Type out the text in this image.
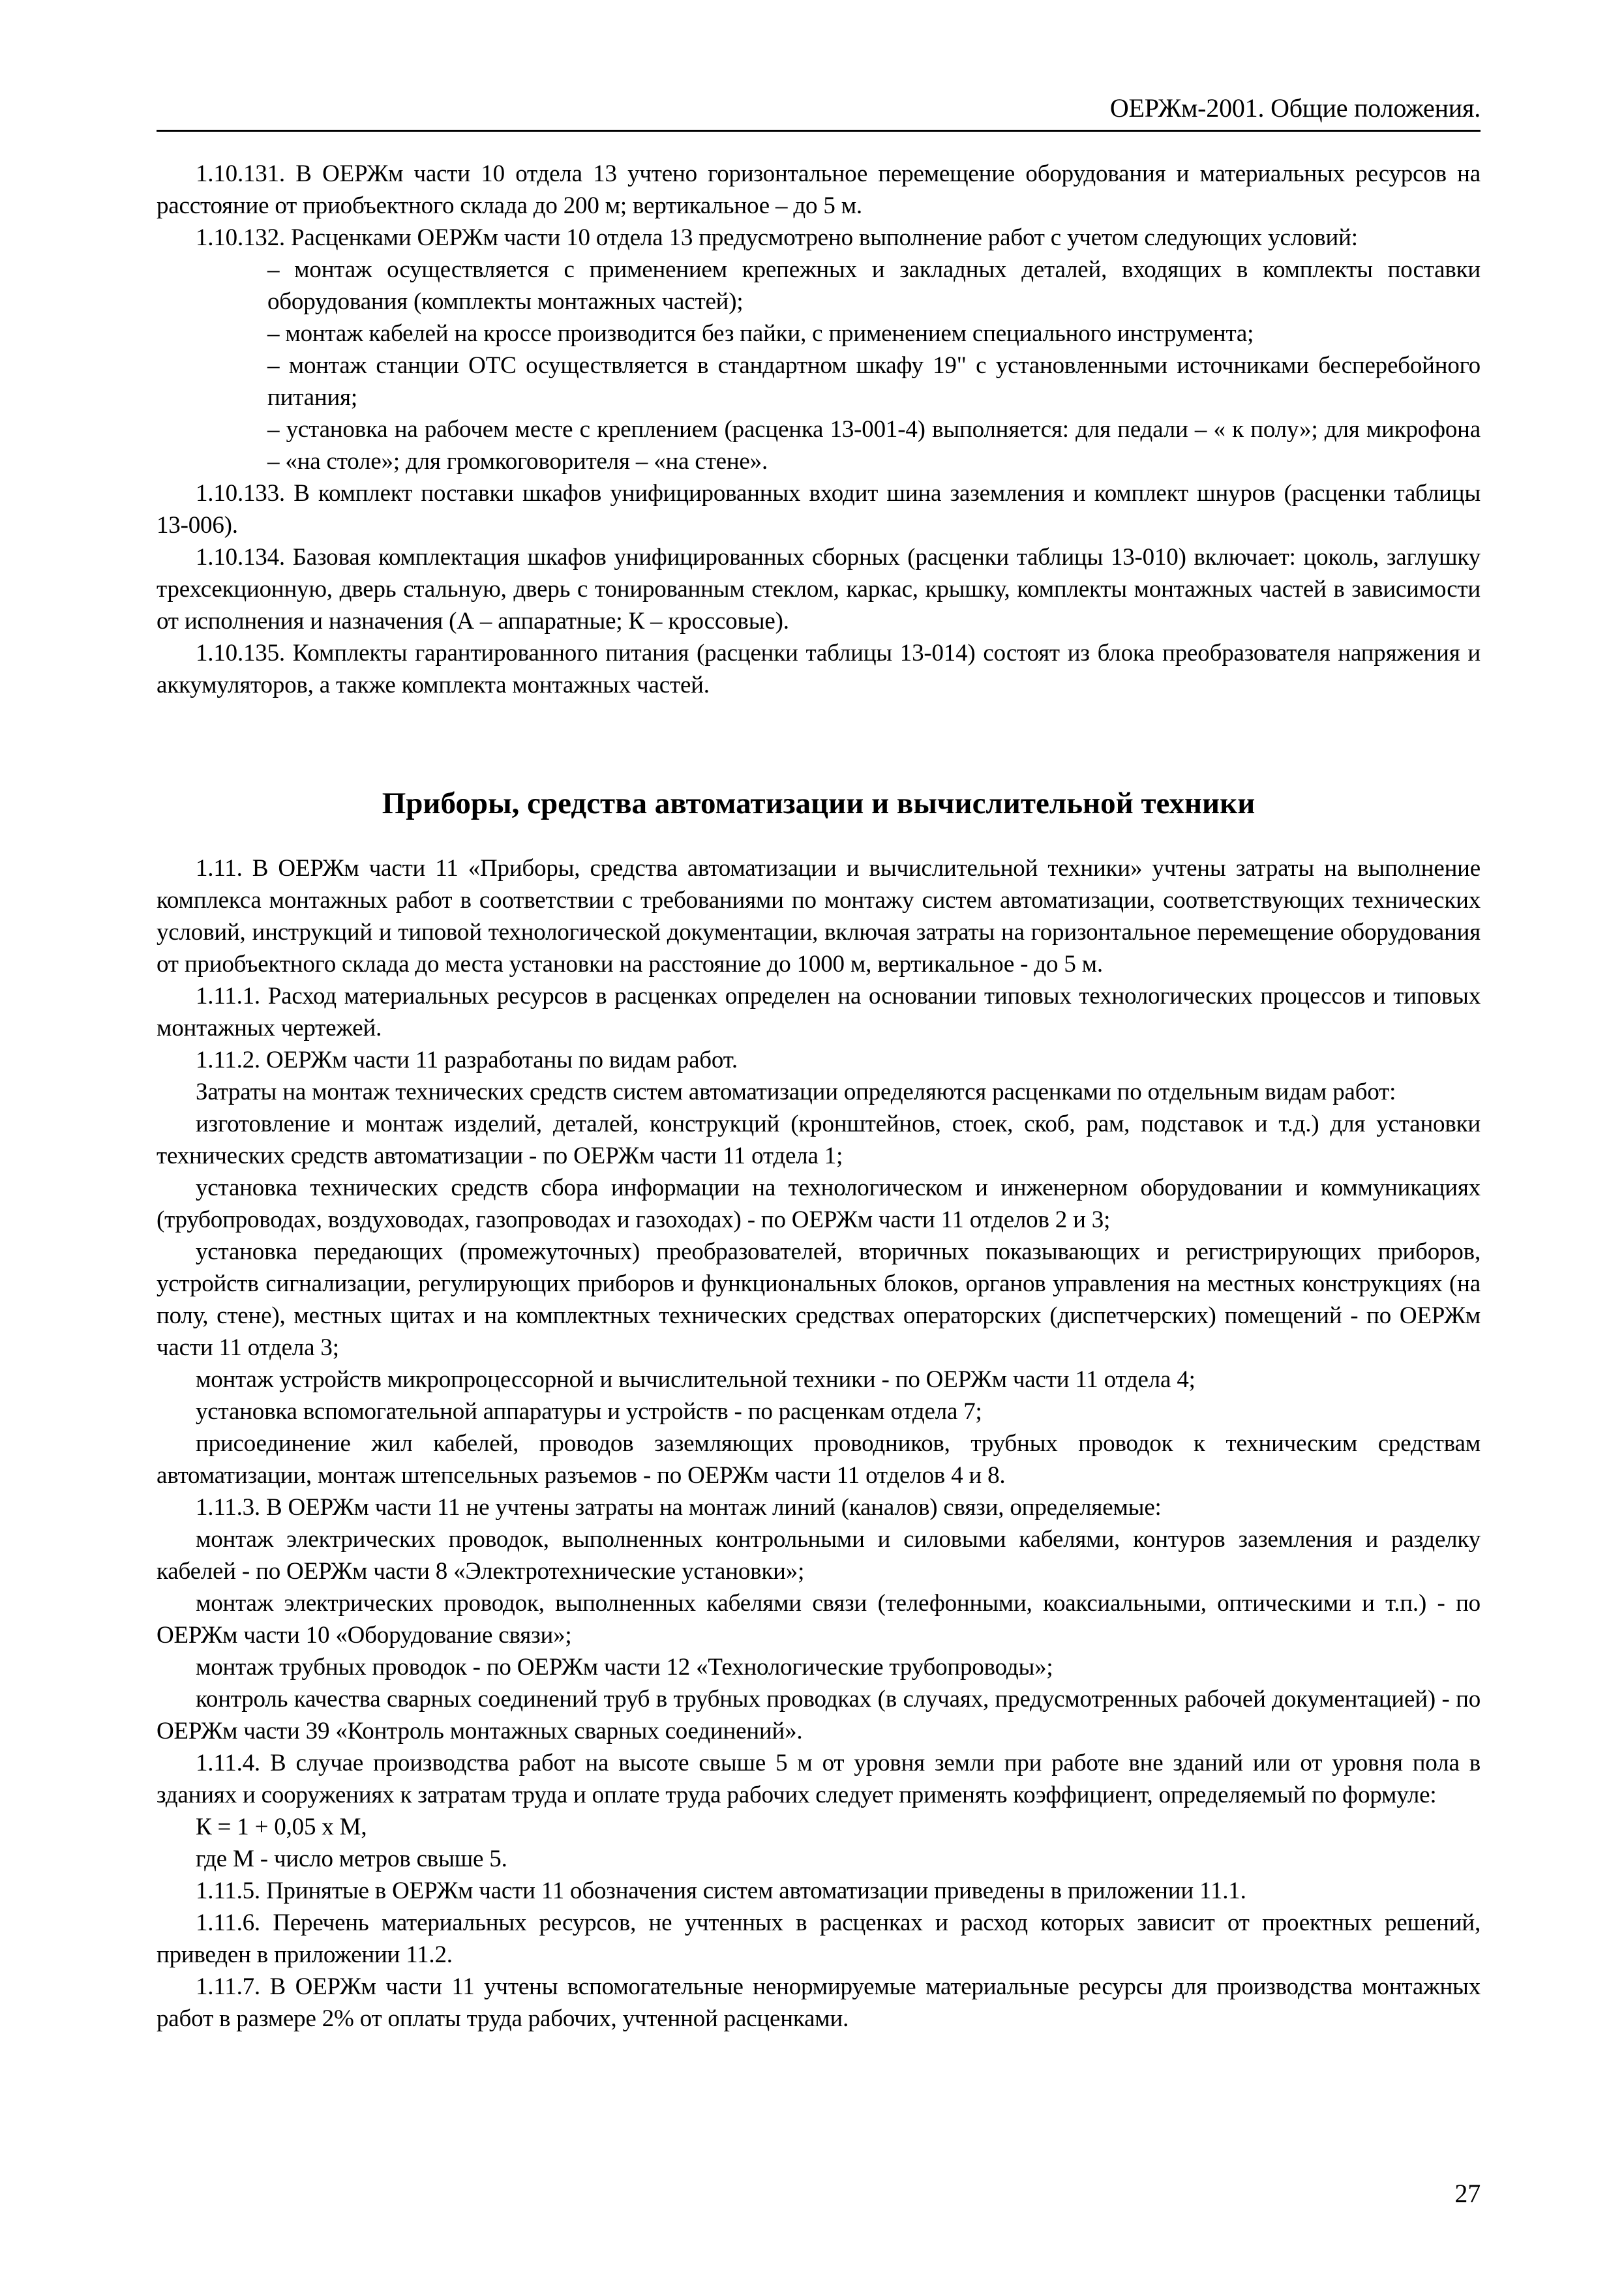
ОЕРЖм-2001. Общие положения.

1.10.131. В ОЕРЖм части 10 отдела 13 учтено горизонтальное перемещение оборудования и материальных ресурсов на расстояние от приобъектного склада до 200 м; вертикальное – до 5 м.

1.10.132. Расценками ОЕРЖм части 10 отдела 13 предусмотрено выполнение работ с учетом следующих условий:

– монтаж осуществляется с применением крепежных и закладных деталей, входящих в комплекты поставки оборудования (комплекты монтажных частей);

– монтаж кабелей на кроссе производится без пайки, с применением специального инструмента;

– монтаж станции ОТС осуществляется в стандартном шкафу 19" с установленными источниками бесперебойного питания;

– установка на рабочем месте с креплением (расценка 13-001-4) выполняется: для педали – « к полу»; для микрофона – «на столе»; для громкоговорителя – «на стене».

1.10.133. В комплект поставки шкафов унифицированных входит шина заземления и комплект шнуров (расценки таблицы 13-006).

1.10.134. Базовая комплектация шкафов унифицированных сборных (расценки таблицы 13-010) включает: цоколь, заглушку трехсекционную, дверь стальную, дверь с тонированным стеклом, каркас, крышку, комплекты монтажных частей в зависимости от исполнения и назначения (А – аппаратные; К – кроссовые).

1.10.135. Комплекты гарантированного питания (расценки таблицы 13-014) состоят из блока преобразователя напряжения и аккумуляторов, а также комплекта монтажных частей.

Приборы, средства автоматизации и вычислительной техники

1.11. В ОЕРЖм части 11 «Приборы, средства автоматизации и вычислительной техники» учтены затраты на выполнение комплекса монтажных работ в соответствии с требованиями по монтажу систем автоматизации, соответствующих технических условий, инструкций и типовой технологической документации, включая затраты на горизонтальное перемещение оборудования от приобъектного склада до места установки на расстояние до 1000 м, вертикальное - до 5 м.

1.11.1. Расход материальных ресурсов в расценках определен на основании типовых технологических процессов и типовых монтажных чертежей.

1.11.2. ОЕРЖм части 11 разработаны по видам работ.

Затраты на монтаж технических средств систем автоматизации определяются расценками по отдельным видам работ:

изготовление и монтаж изделий, деталей, конструкций (кронштейнов, стоек, скоб, рам, подставок и т.д.) для установки технических средств автоматизации - по ОЕРЖм части 11 отдела 1;

установка технических средств сбора информации на технологическом и инженерном оборудовании и коммуникациях (трубопроводах, воздуховодах, газопроводах и газоходах) - по ОЕРЖм части 11 отделов 2 и 3;

установка передающих (промежуточных) преобразователей, вторичных показывающих и регистрирующих приборов, устройств сигнализации, регулирующих приборов и функциональных блоков, органов управления на местных конструкциях (на полу, стене), местных щитах и на комплектных технических средствах операторских (диспетчерских) помещений - по ОЕРЖм части 11 отдела 3;

монтаж устройств микропроцессорной и вычислительной техники - по ОЕРЖм части 11 отдела 4;

установка вспомогательной аппаратуры и устройств - по расценкам отдела 7;

присоединение жил кабелей, проводов заземляющих проводников, трубных проводок к техническим средствам автоматизации, монтаж штепсельных разъемов - по ОЕРЖм части 11 отделов 4 и 8.

1.11.3. В ОЕРЖм части 11 не учтены затраты на монтаж линий (каналов) связи, определяемые:

монтаж электрических проводок, выполненных контрольными и силовыми кабелями, контуров заземления и разделку кабелей - по ОЕРЖм части 8 «Электротехнические установки»;

монтаж электрических проводок, выполненных кабелями связи (телефонными, коаксиальными, оптическими и т.п.) - по ОЕРЖм части 10 «Оборудование связи»;

монтаж трубных проводок - по ОЕРЖм части 12 «Технологические трубопроводы»;

контроль качества сварных соединений труб в трубных проводках (в случаях, предусмотренных рабочей документацией) - по ОЕРЖм части 39 «Контроль монтажных сварных соединений».

1.11.4. В случае производства работ на высоте свыше 5 м от уровня земли при работе вне зданий или от уровня пола в зданиях и сооружениях к затратам труда и оплате труда рабочих следует применять коэффициент, определяемый по формуле:

К = 1 + 0,05 х М,

где М - число метров свыше 5.

1.11.5. Принятые в ОЕРЖм части 11 обозначения систем автоматизации приведены в приложении 11.1.

1.11.6. Перечень материальных ресурсов, не учтенных в расценках и расход которых зависит от проектных решений, приведен в приложении 11.2.

1.11.7. В ОЕРЖм части 11 учтены вспомогательные ненормируемые материальные ресурсы для производства монтажных работ в размере 2% от оплаты труда рабочих, учтенной расценками.

27
